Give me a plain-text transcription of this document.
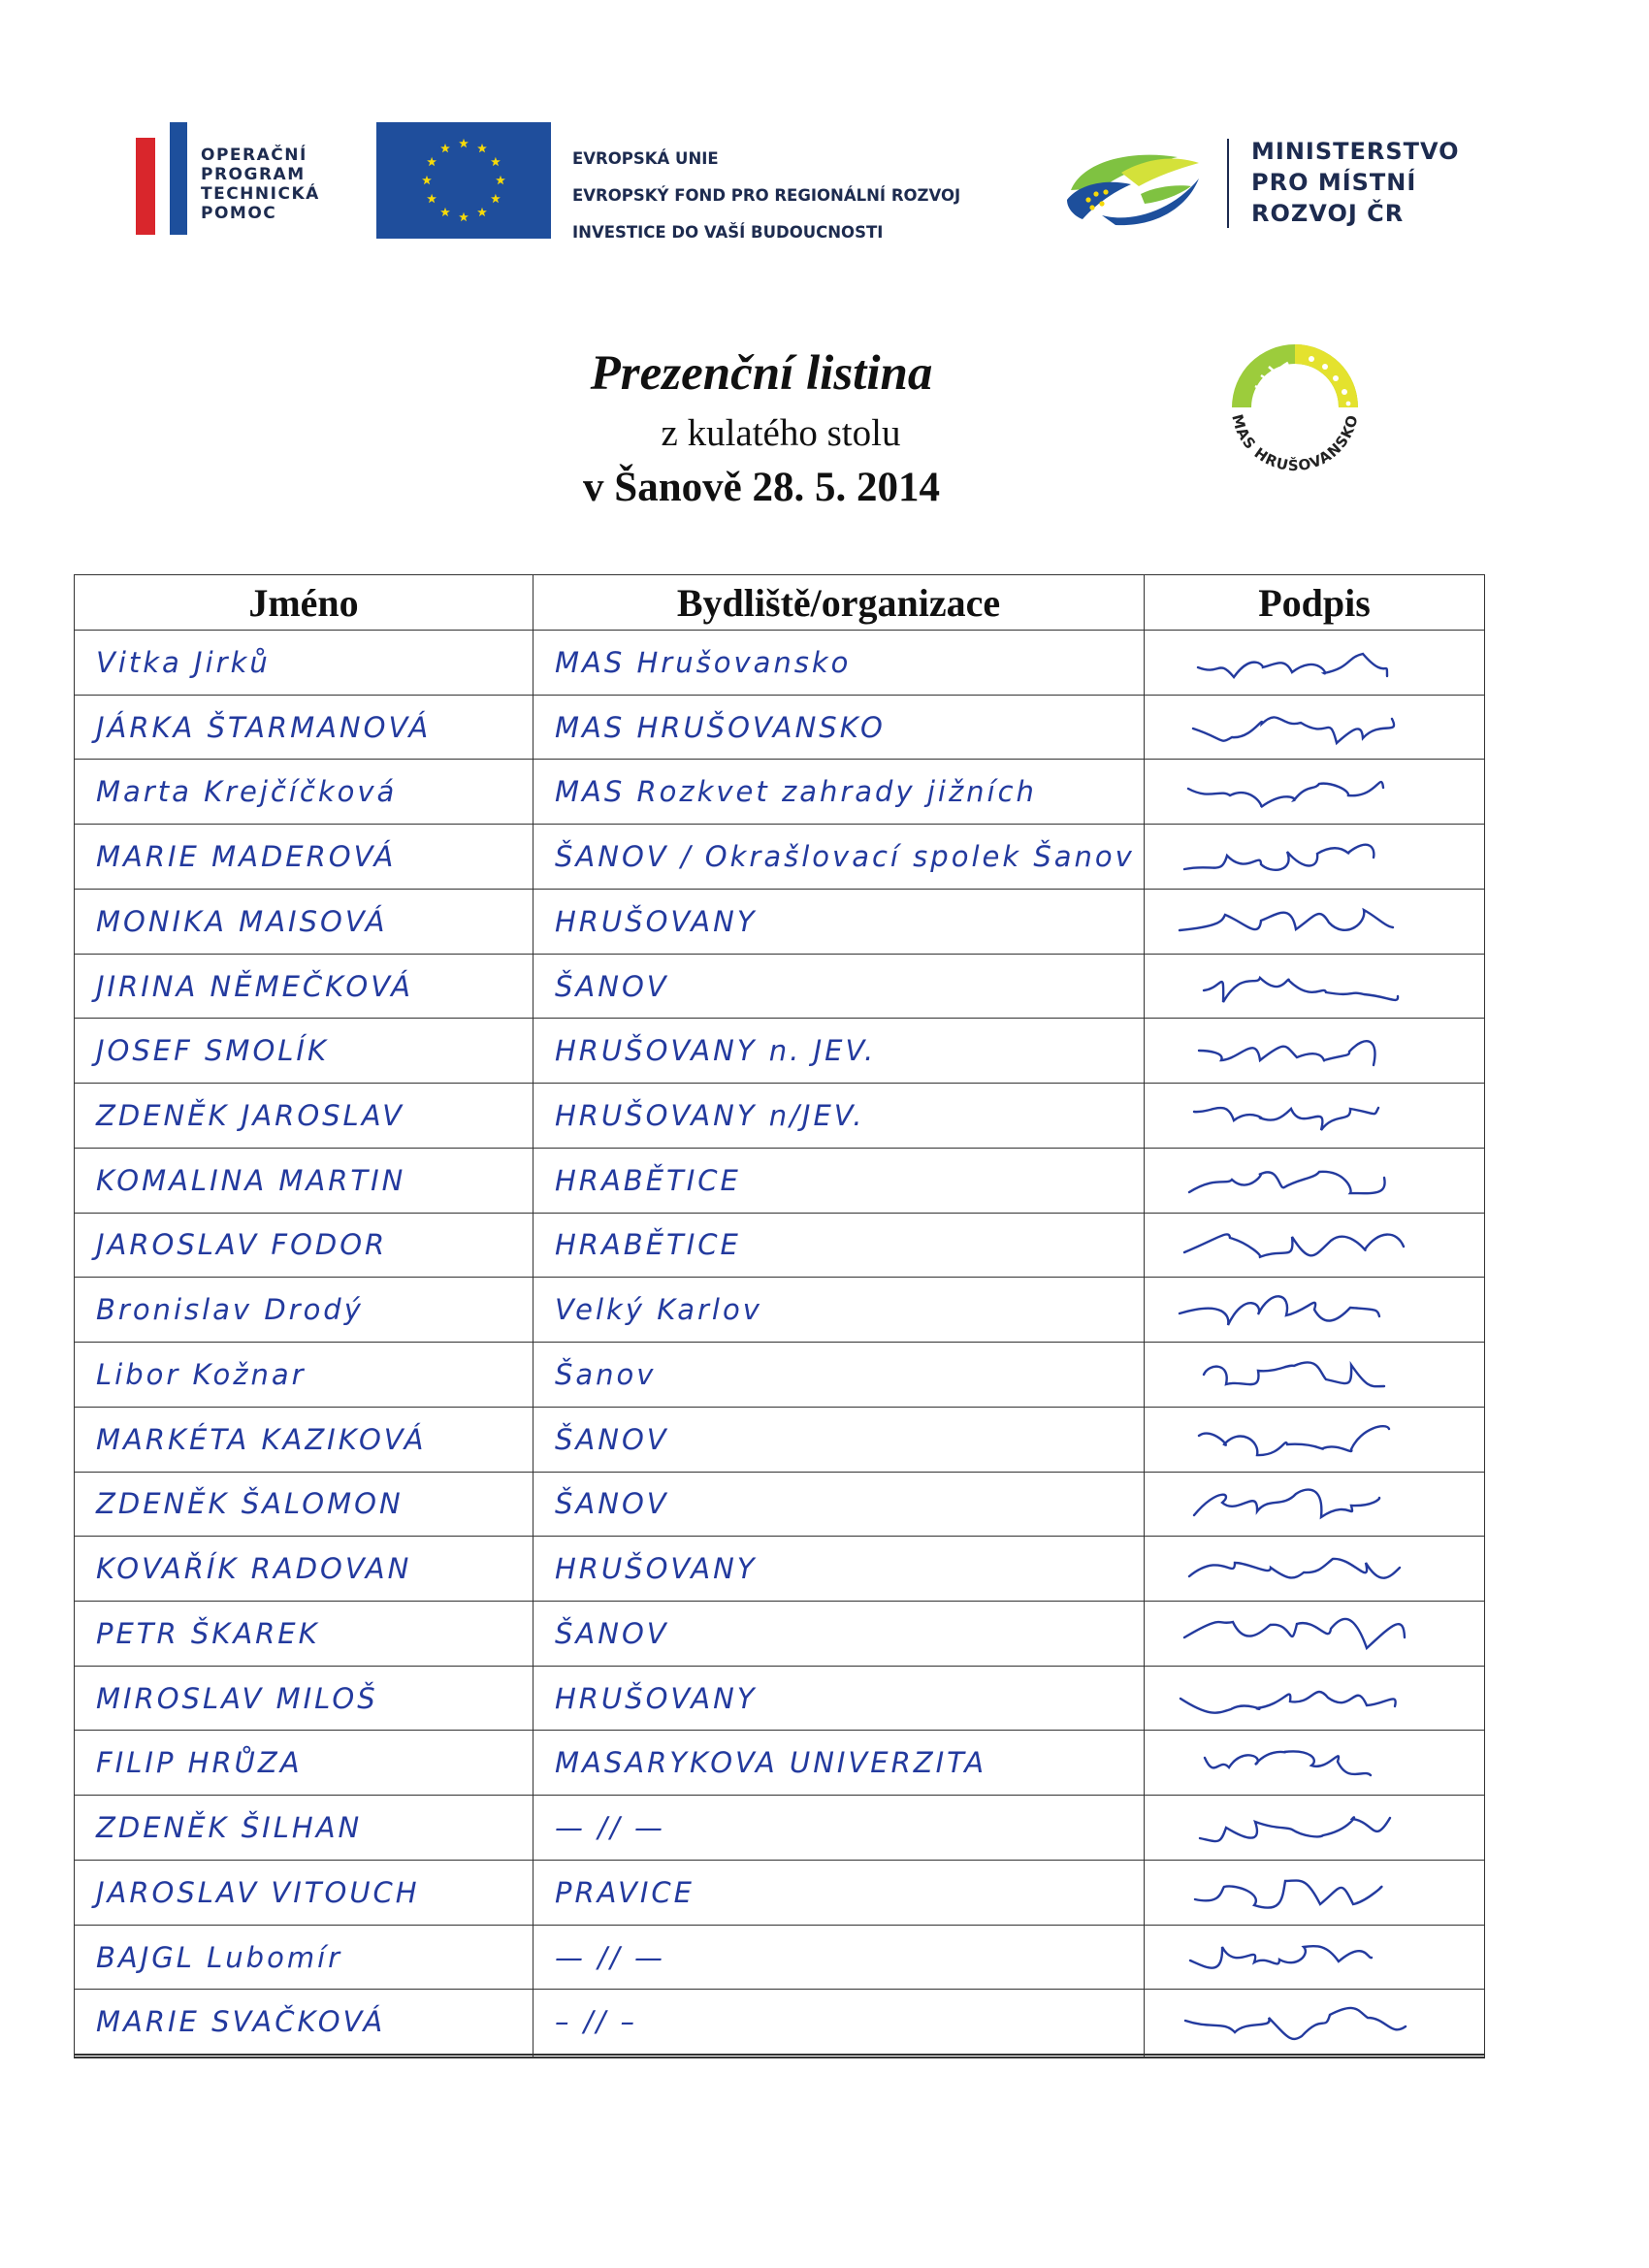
OPERAČNÍ
PROGRAM
TECHNICKÁ
POMOC
EVROPSKÁ UNIE
EVROPSKÝ FOND PRO REGIONÁLNÍ ROZVOJ
INVESTICE DO VAŠÍ BUDOUCNOSTI
MINISTERSTVO
PRO MÍSTNÍ
ROZVOJ ČR
Prezenční listina
z kulatého stolu
v Šanově 28. 5. 2014
MAS HRUŠOVANSKO
Jméno	Bydliště/organizace	Podpis
Vitka Jirků	MAS Hrušovansko	

JÁRKA ŠTARMANOVÁ	MAS HRUŠOVANSKO	

Marta Krejčíčková	MAS Rozkvet zahrady jižních	

MARIE MADEROVÁ	ŠANOV / Okrašlovací spolek Šanov	

MONIKA MAISOVÁ	HRUŠOVANY	

JIRINA NĚMEČKOVÁ	ŠANOV	

JOSEF SMOLÍK	HRUŠOVANY n. JEV.	

ZDENĚK JAROSLAV	HRUŠOVANY n/JEV.	

KOMALINA MARTIN	HRABĚTICE	

JAROSLAV FODOR	HRABĚTICE	

Bronislav Drodý	Velký Karlov	

Libor Kožnar	Šanov	

MARKÉTA KAZIKOVÁ	ŠANOV	

ZDENĚK ŠALOMON	ŠANOV	

KOVAŘÍK RADOVAN	HRUŠOVANY	

PETR ŠKAREK	ŠANOV	

MIROSLAV MILOŠ	HRUŠOVANY	

FILIP HRŮZA	MASARYKOVA UNIVERZITA	

ZDENĚK ŠILHAN	— // —	

JAROSLAV VITOUCH	PRAVICE	

BAJGL Lubomír	— // —	

MARIE SVAČKOVÁ	– // –	
